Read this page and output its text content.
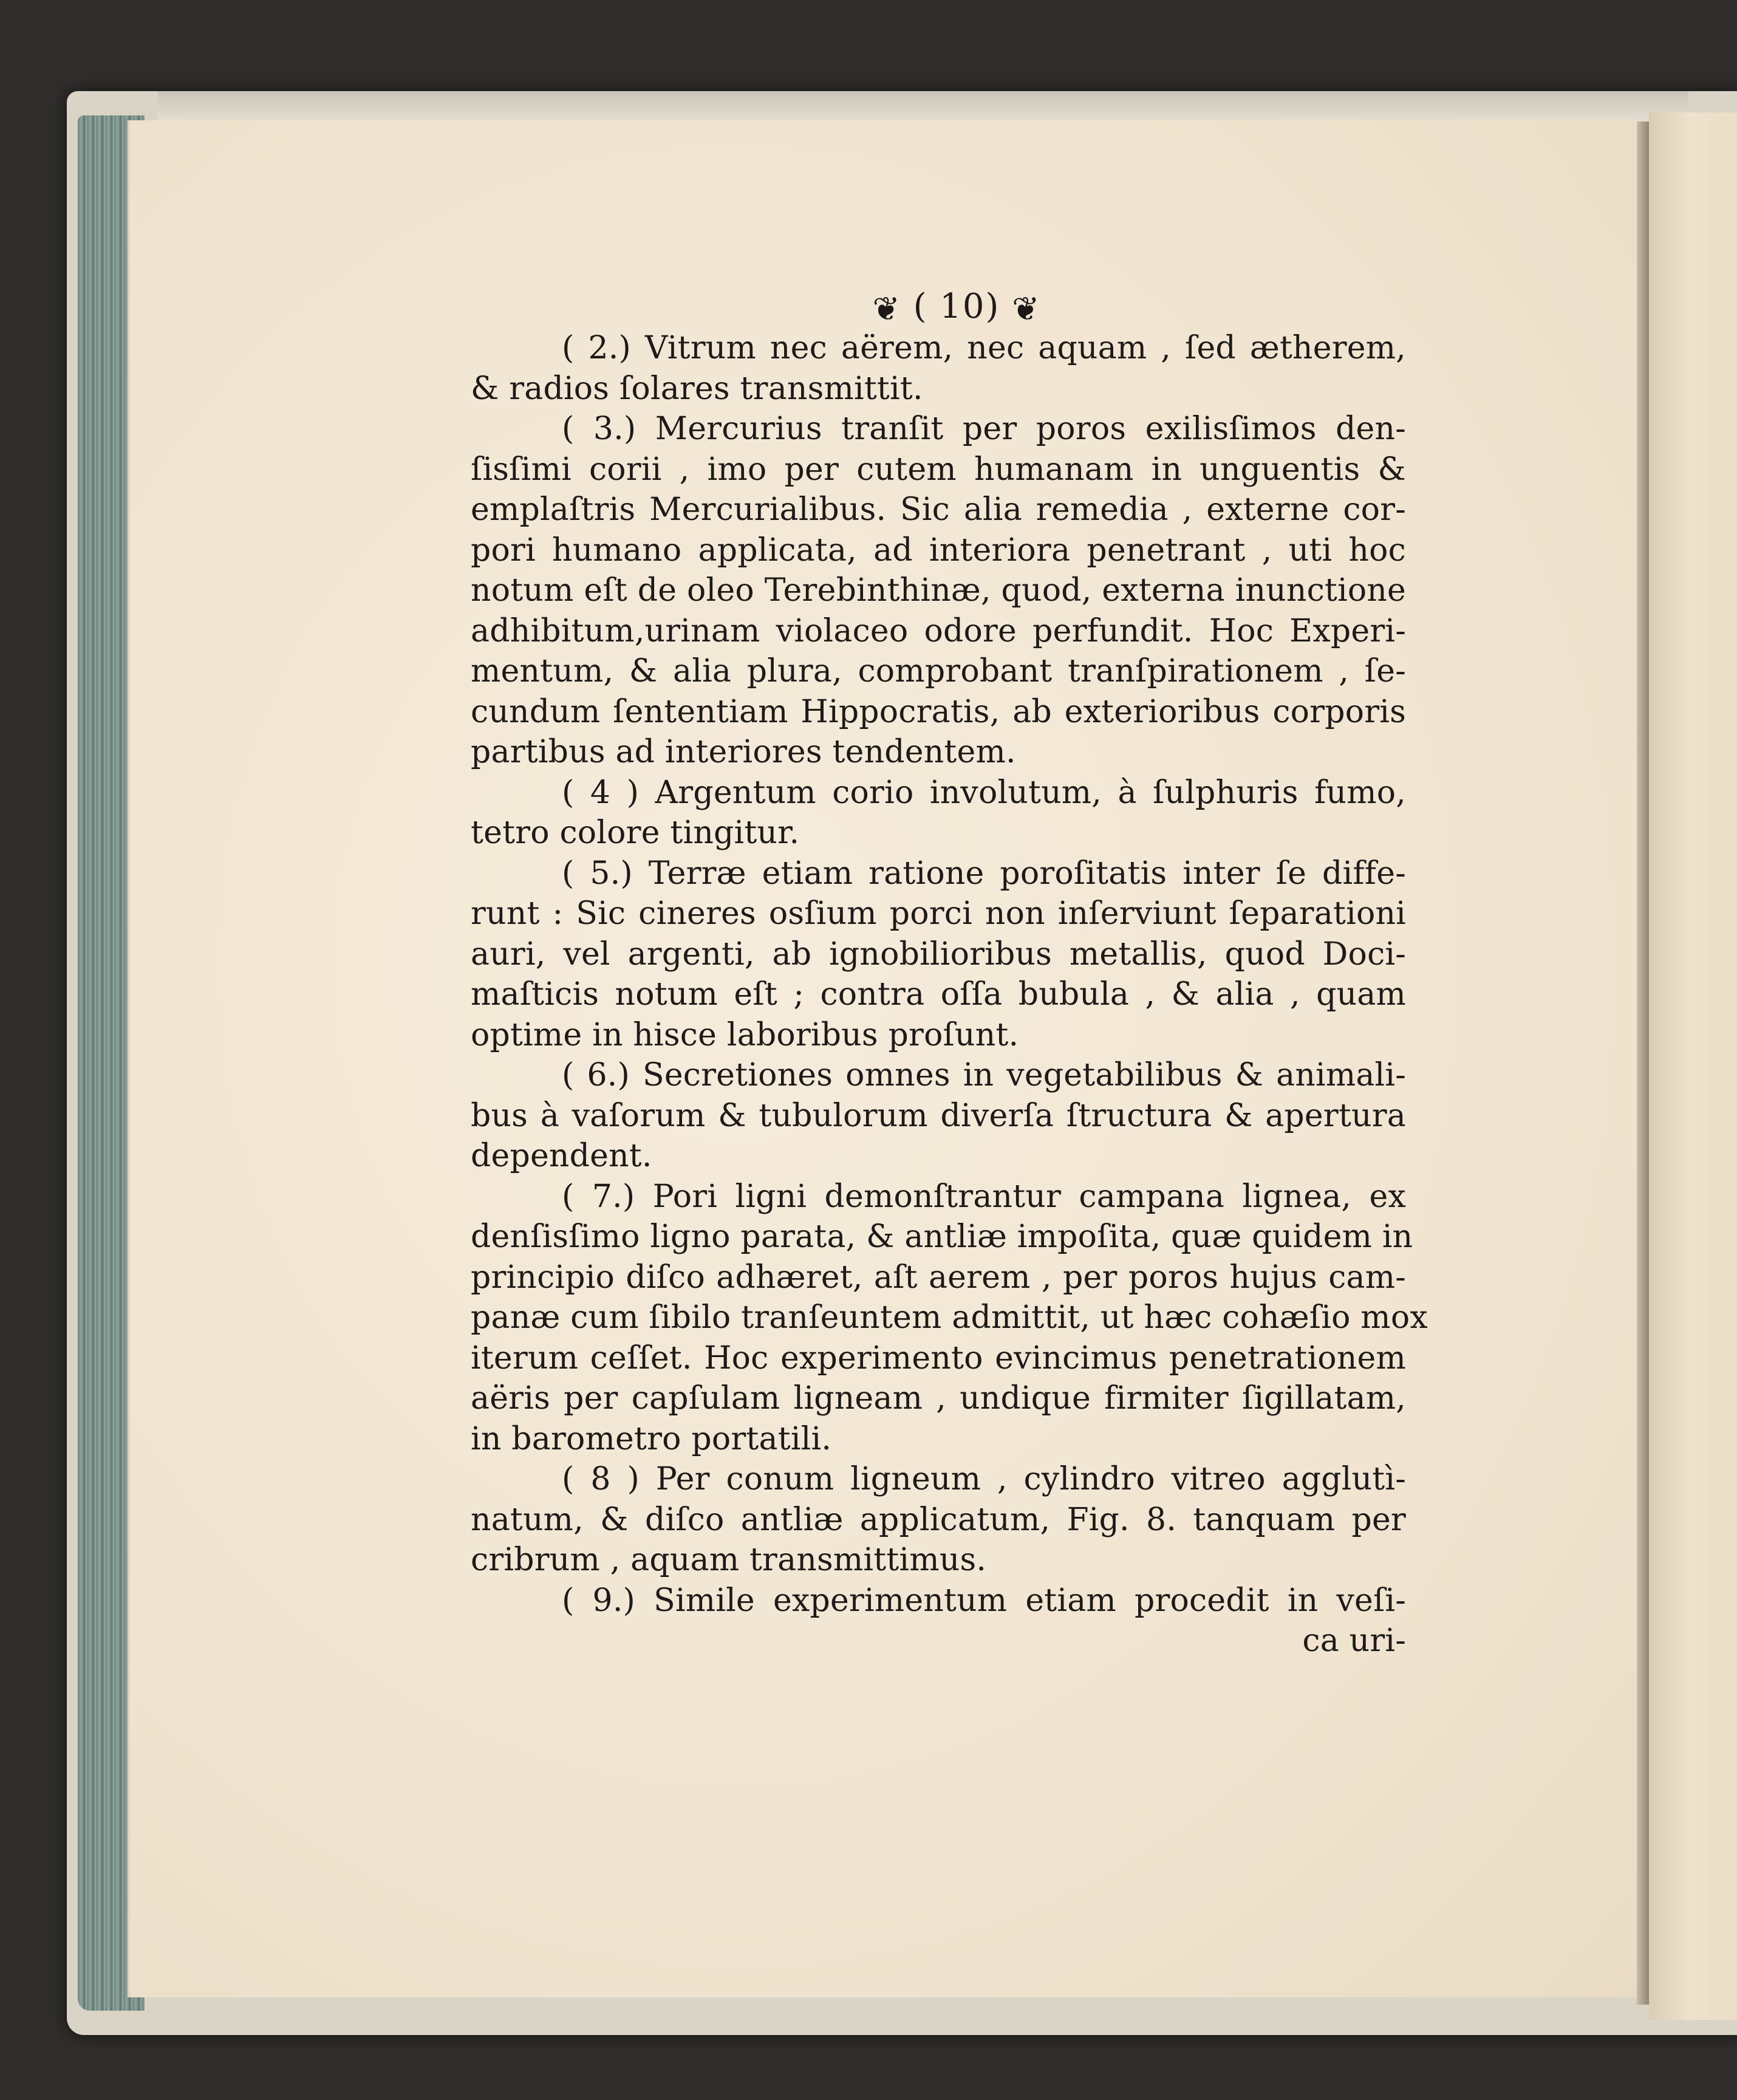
❦ ( 10) ❦
( 2.) Vitrum nec aërem, nec aquam , ſed ætherem,
& radios ſolares transmittit.
( 3.) Mercurius tranſit per poros exilisſimos den-
ſisſimi corii , imo per cutem humanam in unguentis &
emplaſtris Mercurialibus. Sic alia remedia , externe cor-
pori humano applicata, ad interiora penetrant , uti hoc
notum eſt de oleo Terebinthinæ, quod, externa inunctione
adhibitum,urinam violaceo odore perfundit. Hoc Experi-
mentum, & alia plura, comprobant tranſpirationem , ſe-
cundum ſententiam Hippocratis, ab exterioribus corporis
partibus ad interiores tendentem.
( 4 ) Argentum corio involutum, à ſulphuris fumo,
tetro colore tingitur.
( 5.) Terræ etiam ratione poroſitatis inter ſe diffe-
runt : Sic cineres osſium porci non inſerviunt ſeparationi
auri, vel argenti, ab ignobilioribus metallis, quod Doci-
maſticis notum eſt ; contra oſſa bubula , & alia , quam
optime in hisce laboribus proſunt.
( 6.) Secretiones omnes in vegetabilibus & animali-
bus à vaſorum & tubulorum diverſa ſtructura & apertura
dependent.
( 7.) Pori ligni demonſtrantur campana lignea, ex
denſisſimo ligno parata, & antliæ impoſita, quæ quidem in
principio diſco adhæret, aſt aerem , per poros hujus cam-
panæ cum ſibilo tranſeuntem admittit, ut hæc cohæſio mox
iterum ceſſet. Hoc experimento evincimus penetrationem
aëris per capſulam ligneam , undique firmiter ſigillatam,
in barometro portatili.
( 8 ) Per conum ligneum , cylindro vitreo agglutì-
natum, & diſco antliæ applicatum, Fig. 8. tanquam per
cribrum , aquam transmittimus.
( 9.) Simile experimentum etiam procedit in veſi-
ca uri-
